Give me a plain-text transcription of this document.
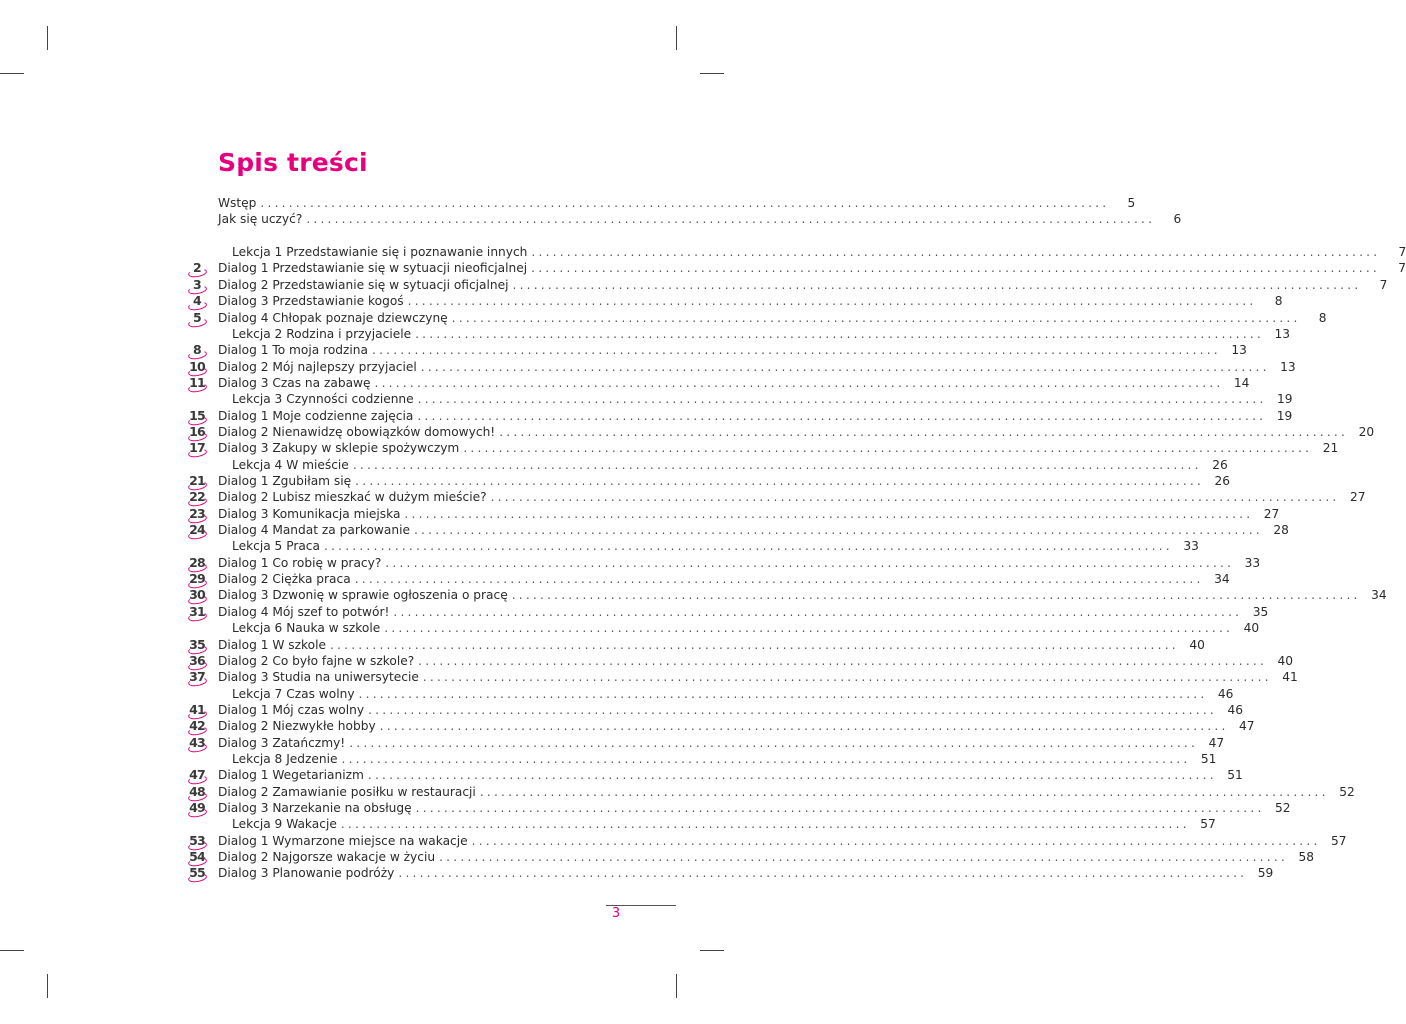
Spis treści
Wstęp ........................................................................................................................	5
Jak się uczyć? ........................................................................................................................	6
Lekcja 1 Przedstawianie się i poznawanie innych ........................................................................................................................	7
Dialog 1 Przedstawianie się w sytuacji nieoficjalnej ........................................................................................................................	7
2
Dialog 2 Przedstawianie się w sytuacji oficjalnej ........................................................................................................................	7
3
Dialog 3 Przedstawianie kogoś ........................................................................................................................	8
4
Dialog 4 Chłopak poznaje dziewczynę ........................................................................................................................	8
5
Lekcja 2 Rodzina i przyjaciele ........................................................................................................................ 13
Dialog 1 To moja rodzina ........................................................................................................................ 13
8
Dialog 2 Mój najlepszy przyjaciel ........................................................................................................................ 13
10
Dialog 3 Czas na zabawę ........................................................................................................................ 14
11
Lekcja 3 Czynności codzienne ........................................................................................................................ 19
Dialog 1 Moje codzienne zajęcia ........................................................................................................................ 19
15
Dialog 2 Nienawidzę obowiązków domowych! ........................................................................................................................ 20
16
Dialog 3 Zakupy w sklepie spożywczym ........................................................................................................................ 21
17
Lekcja 4 W mieście ........................................................................................................................ 26
Dialog 1 Zgubiłam się ........................................................................................................................ 26
21
Dialog 2 Lubisz mieszkać w dużym mieście? ........................................................................................................................ 27
22
Dialog 3 Komunikacja miejska ........................................................................................................................ 27
23
Dialog 4 Mandat za parkowanie ........................................................................................................................ 28
24
Lekcja 5 Praca ........................................................................................................................ 33
Dialog 1 Co robię w pracy? ........................................................................................................................ 33
28
Dialog 2 Ciężka praca ........................................................................................................................ 34
29
Dialog 3 Dzwonię w sprawie ogłoszenia o pracę ........................................................................................................................ 34
30
Dialog 4 Mój szef to potwór! ........................................................................................................................ 35
31
Lekcja 6 Nauka w szkole ........................................................................................................................ 40
Dialog 1 W szkole ........................................................................................................................ 40
35
Dialog 2 Co było fajne w szkole? ........................................................................................................................ 40
36
Dialog 3 Studia na uniwersytecie ........................................................................................................................ 41
37
Lekcja 7 Czas wolny ........................................................................................................................ 46
Dialog 1 Mój czas wolny ........................................................................................................................ 46
41
Dialog 2 Niezwykłe hobby ........................................................................................................................ 47
42
Dialog 3 Zatańczmy! ........................................................................................................................ 47
43
Lekcja 8 Jedzenie ........................................................................................................................ 51
Dialog 1 Wegetarianizm ........................................................................................................................ 51
47
Dialog 2 Zamawianie posiłku w restauracji ........................................................................................................................ 52
48
Dialog 3 Narzekanie na obsługę ........................................................................................................................ 52
49
Lekcja 9 Wakacje ........................................................................................................................ 57
Dialog 1 Wymarzone miejsce na wakacje ........................................................................................................................ 57
53
Dialog 2 Najgorsze wakacje w życiu ........................................................................................................................ 58
54
Dialog 3 Planowanie podróży ........................................................................................................................ 59
55
3
